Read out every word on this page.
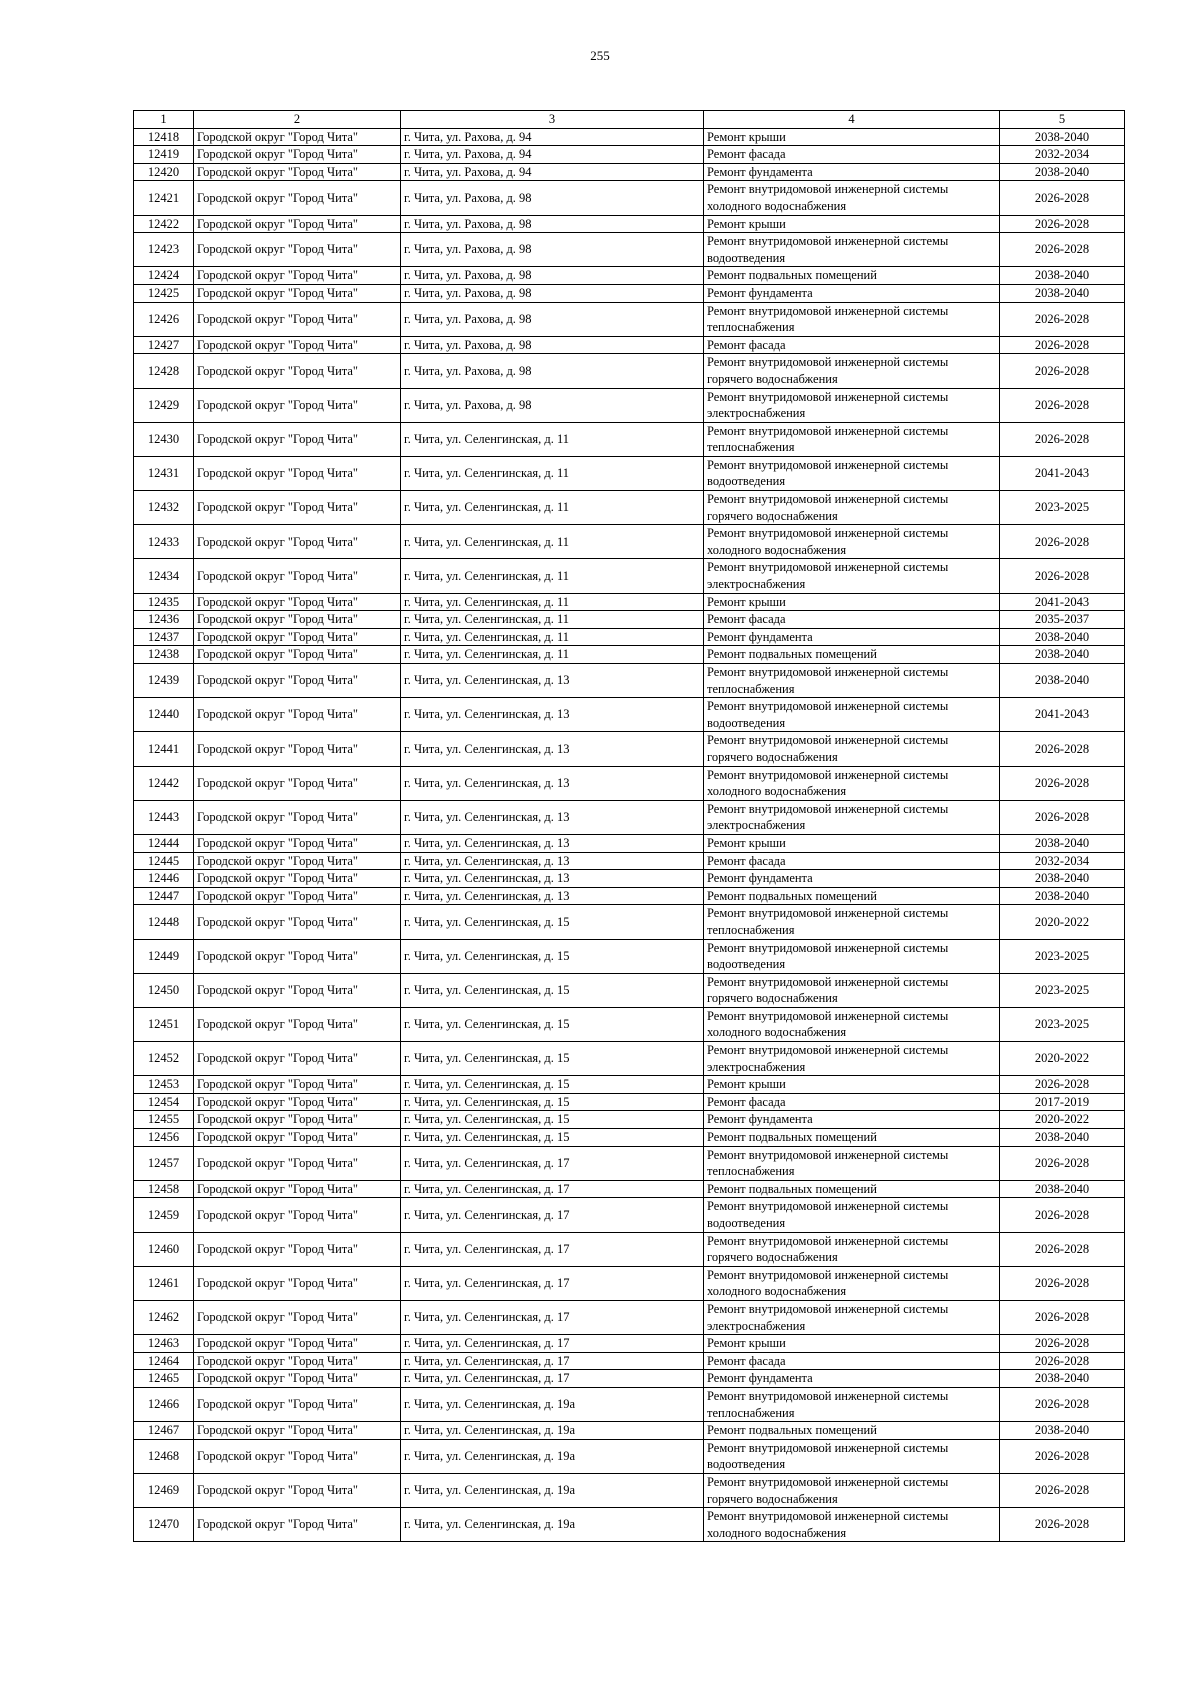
255
1	2	3	4	5
12418	Городской округ "Город Чита"	г. Чита, ул. Рахова, д. 94	Ремонт крыши	2038-2040
12419	Городской округ "Город Чита"	г. Чита, ул. Рахова, д. 94	Ремонт фасада	2032-2034
12420	Городской округ "Город Чита"	г. Чита, ул. Рахова, д. 94	Ремонт фундамента	2038-2040
12421	Городской округ "Город Чита"	г. Чита, ул. Рахова, д. 98	Ремонт внутридомовой инженерной системы холодного водоснабжения	2026-2028
12422	Городской округ "Город Чита"	г. Чита, ул. Рахова, д. 98	Ремонт крыши	2026-2028
12423	Городской округ "Город Чита"	г. Чита, ул. Рахова, д. 98	Ремонт внутридомовой инженерной системы водоотведения	2026-2028
12424	Городской округ "Город Чита"	г. Чита, ул. Рахова, д. 98	Ремонт подвальных помещений	2038-2040
12425	Городской округ "Город Чита"	г. Чита, ул. Рахова, д. 98	Ремонт фундамента	2038-2040
12426	Городской округ "Город Чита"	г. Чита, ул. Рахова, д. 98	Ремонт внутридомовой инженерной системы теплоснабжения	2026-2028
12427	Городской округ "Город Чита"	г. Чита, ул. Рахова, д. 98	Ремонт фасада	2026-2028
12428	Городской округ "Город Чита"	г. Чита, ул. Рахова, д. 98	Ремонт внутридомовой инженерной системы горячего водоснабжения	2026-2028
12429	Городской округ "Город Чита"	г. Чита, ул. Рахова, д. 98	Ремонт внутридомовой инженерной системы электроснабжения	2026-2028
12430	Городской округ "Город Чита"	г. Чита, ул. Селенгинская, д. 11	Ремонт внутридомовой инженерной системы теплоснабжения	2026-2028
12431	Городской округ "Город Чита"	г. Чита, ул. Селенгинская, д. 11	Ремонт внутридомовой инженерной системы водоотведения	2041-2043
12432	Городской округ "Город Чита"	г. Чита, ул. Селенгинская, д. 11	Ремонт внутридомовой инженерной системы горячего водоснабжения	2023-2025
12433	Городской округ "Город Чита"	г. Чита, ул. Селенгинская, д. 11	Ремонт внутридомовой инженерной системы холодного водоснабжения	2026-2028
12434	Городской округ "Город Чита"	г. Чита, ул. Селенгинская, д. 11	Ремонт внутридомовой инженерной системы электроснабжения	2026-2028
12435	Городской округ "Город Чита"	г. Чита, ул. Селенгинская, д. 11	Ремонт крыши	2041-2043
12436	Городской округ "Город Чита"	г. Чита, ул. Селенгинская, д. 11	Ремонт фасада	2035-2037
12437	Городской округ "Город Чита"	г. Чита, ул. Селенгинская, д. 11	Ремонт фундамента	2038-2040
12438	Городской округ "Город Чита"	г. Чита, ул. Селенгинская, д. 11	Ремонт подвальных помещений	2038-2040
12439	Городской округ "Город Чита"	г. Чита, ул. Селенгинская, д. 13	Ремонт внутридомовой инженерной системы теплоснабжения	2038-2040
12440	Городской округ "Город Чита"	г. Чита, ул. Селенгинская, д. 13	Ремонт внутридомовой инженерной системы водоотведения	2041-2043
12441	Городской округ "Город Чита"	г. Чита, ул. Селенгинская, д. 13	Ремонт внутридомовой инженерной системы горячего водоснабжения	2026-2028
12442	Городской округ "Город Чита"	г. Чита, ул. Селенгинская, д. 13	Ремонт внутридомовой инженерной системы холодного водоснабжения	2026-2028
12443	Городской округ "Город Чита"	г. Чита, ул. Селенгинская, д. 13	Ремонт внутридомовой инженерной системы электроснабжения	2026-2028
12444	Городской округ "Город Чита"	г. Чита, ул. Селенгинская, д. 13	Ремонт крыши	2038-2040
12445	Городской округ "Город Чита"	г. Чита, ул. Селенгинская, д. 13	Ремонт фасада	2032-2034
12446	Городской округ "Город Чита"	г. Чита, ул. Селенгинская, д. 13	Ремонт фундамента	2038-2040
12447	Городской округ "Город Чита"	г. Чита, ул. Селенгинская, д. 13	Ремонт подвальных помещений	2038-2040
12448	Городской округ "Город Чита"	г. Чита, ул. Селенгинская, д. 15	Ремонт внутридомовой инженерной системы теплоснабжения	2020-2022
12449	Городской округ "Город Чита"	г. Чита, ул. Селенгинская, д. 15	Ремонт внутридомовой инженерной системы водоотведения	2023-2025
12450	Городской округ "Город Чита"	г. Чита, ул. Селенгинская, д. 15	Ремонт внутридомовой инженерной системы горячего водоснабжения	2023-2025
12451	Городской округ "Город Чита"	г. Чита, ул. Селенгинская, д. 15	Ремонт внутридомовой инженерной системы холодного водоснабжения	2023-2025
12452	Городской округ "Город Чита"	г. Чита, ул. Селенгинская, д. 15	Ремонт внутридомовой инженерной системы электроснабжения	2020-2022
12453	Городской округ "Город Чита"	г. Чита, ул. Селенгинская, д. 15	Ремонт крыши	2026-2028
12454	Городской округ "Город Чита"	г. Чита, ул. Селенгинская, д. 15	Ремонт фасада	2017-2019
12455	Городской округ "Город Чита"	г. Чита, ул. Селенгинская, д. 15	Ремонт фундамента	2020-2022
12456	Городской округ "Город Чита"	г. Чита, ул. Селенгинская, д. 15	Ремонт подвальных помещений	2038-2040
12457	Городской округ "Город Чита"	г. Чита, ул. Селенгинская, д. 17	Ремонт внутридомовой инженерной системы теплоснабжения	2026-2028
12458	Городской округ "Город Чита"	г. Чита, ул. Селенгинская, д. 17	Ремонт подвальных помещений	2038-2040
12459	Городской округ "Город Чита"	г. Чита, ул. Селенгинская, д. 17	Ремонт внутридомовой инженерной системы водоотведения	2026-2028
12460	Городской округ "Город Чита"	г. Чита, ул. Селенгинская, д. 17	Ремонт внутридомовой инженерной системы горячего водоснабжения	2026-2028
12461	Городской округ "Город Чита"	г. Чита, ул. Селенгинская, д. 17	Ремонт внутридомовой инженерной системы холодного водоснабжения	2026-2028
12462	Городской округ "Город Чита"	г. Чита, ул. Селенгинская, д. 17	Ремонт внутридомовой инженерной системы электроснабжения	2026-2028
12463	Городской округ "Город Чита"	г. Чита, ул. Селенгинская, д. 17	Ремонт крыши	2026-2028
12464	Городской округ "Город Чита"	г. Чита, ул. Селенгинская, д. 17	Ремонт фасада	2026-2028
12465	Городской округ "Город Чита"	г. Чита, ул. Селенгинская, д. 17	Ремонт фундамента	2038-2040
12466	Городской округ "Город Чита"	г. Чита, ул. Селенгинская, д. 19а	Ремонт внутридомовой инженерной системы теплоснабжения	2026-2028
12467	Городской округ "Город Чита"	г. Чита, ул. Селенгинская, д. 19а	Ремонт подвальных помещений	2038-2040
12468	Городской округ "Город Чита"	г. Чита, ул. Селенгинская, д. 19а	Ремонт внутридомовой инженерной системы водоотведения	2026-2028
12469	Городской округ "Город Чита"	г. Чита, ул. Селенгинская, д. 19а	Ремонт внутридомовой инженерной системы горячего водоснабжения	2026-2028
12470	Городской округ "Город Чита"	г. Чита, ул. Селенгинская, д. 19а	Ремонт внутридомовой инженерной системы холодного водоснабжения	2026-2028
